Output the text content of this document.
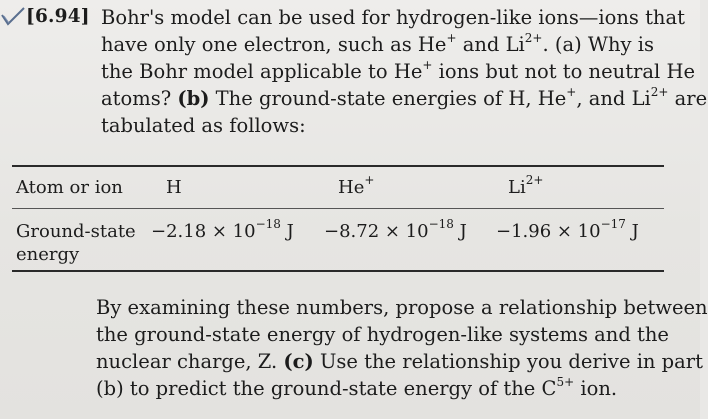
[6.94] Bohr's model can be used for hydrogen-like ions—ions that
have only one electron, such as He+ and $Li^{2+}$. (a) Why is
the Bohr model applicable to He+ ions but not to neutral He
atoms? (b) The ground-state energies of H, He+, and $Li^{2+}$ are
tabulated as follows:
Atom or ion H	He+	$Li^{2+}$
Ground-state
energy
$-2.18 \times 10^{-18}$ $J -8.72 \times 10^{-18}$ $J -1.96 \times 10^{-17}$ J
By examining these numbers, propose a relationship between
the ground-state energy of hydrogen-like systems and the
nuclear charge, Z. (c) Use the relationship you derive in part
(b) to predict the ground-state energy of the $C^{5+}$ ion.
